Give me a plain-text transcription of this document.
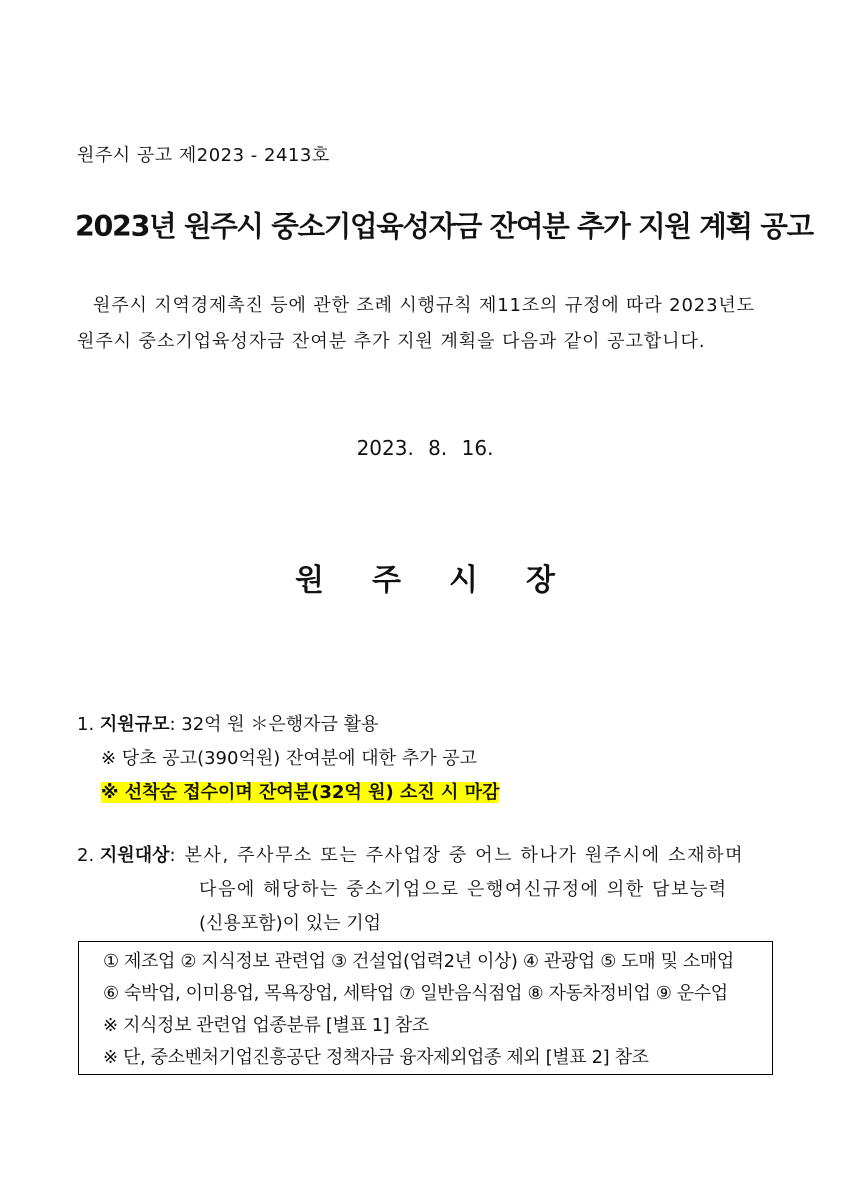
원주시 공고 제2023 - 2413호
2023년 원주시 중소기업육성자금 잔여분 추가 지원 계획 공고
원주시 지역경제촉진 등에 관한 조례 시행규칙 제11조의 규정에 따라 2023년도
원주시 중소기업육성자금 잔여분 추가 지원 계획을 다음과 같이 공고합니다.
2023. 8. 16.
원주시장
1. 지원규모: 32억 원 ＊은행자금 활용
※ 당초 공고(390억원) 잔여분에 대한 추가 공고
※ 선착순 접수이며 잔여분(32억 원) 소진 시 마감
2. 지원대상: 본사, 주사무소 또는 주사업장 중 어느 하나가 원주시에 소재하며
다음에 해당하는 중소기업으로 은행여신규정에 의한 담보능력
(신용포함)이 있는 기업
① 제조업 ② 지식정보 관련업 ③ 건설업(업력2년 이상) ④ 관광업 ⑤ 도매 및 소매업
⑥ 숙박업, 이미용업, 목욕장업, 세탁업 ⑦ 일반음식점업 ⑧ 자동차정비업 ⑨ 운수업
※ 지식정보 관련업 업종분류 [별표 1] 참조
※ 단, 중소벤처기업진흥공단 정책자금 융자제외업종 제외 [별표 2] 참조
